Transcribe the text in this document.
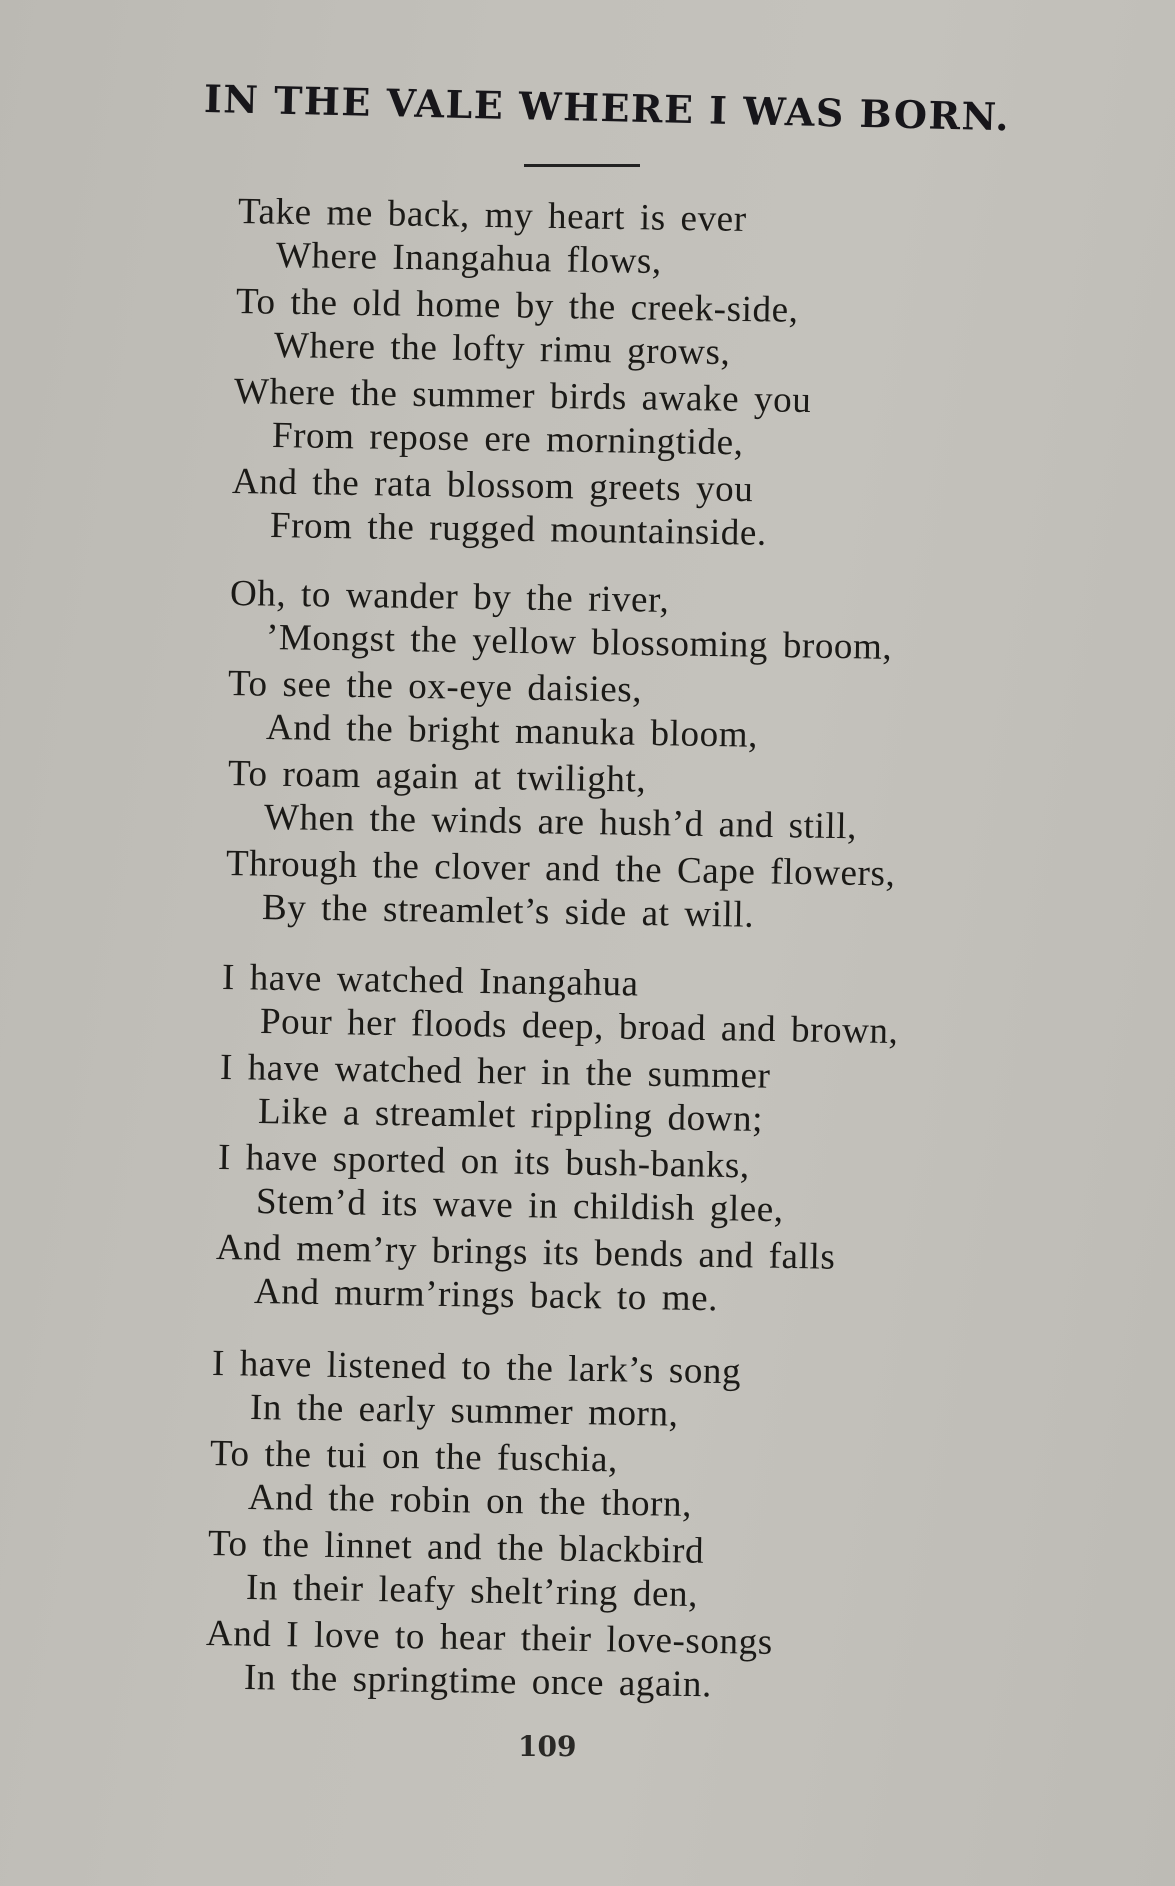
IN THE VALE WHERE I WAS BORN.
Take me back, my heart is ever
Where Inangahua flows,
To the old home by the creek-side,
Where the lofty rimu grows,
Where the summer birds awake you
From repose ere morningtide,
And the rata blossom greets you
From the rugged mountainside.
Oh, to wander by the river,
’Mongst the yellow blossoming broom,
To see the ox-eye daisies,
And the bright manuka bloom,
To roam again at twilight,
When the winds are hush’d and still,
Through the clover and the Cape flowers,
By the streamlet’s side at will.
I have watched Inangahua
Pour her floods deep, broad and brown,
I have watched her in the summer
Like a streamlet rippling down;
I have sported on its bush-banks,
Stem’d its wave in childish glee,
And mem’ry brings its bends and falls
And murm’rings back to me.
I have listened to the lark’s song
In the early summer morn,
To the tui on the fuschia,
And the robin on the thorn,
To the linnet and the blackbird
In their leafy shelt’ring den,
And I love to hear their love-songs
In the springtime once again.
109
